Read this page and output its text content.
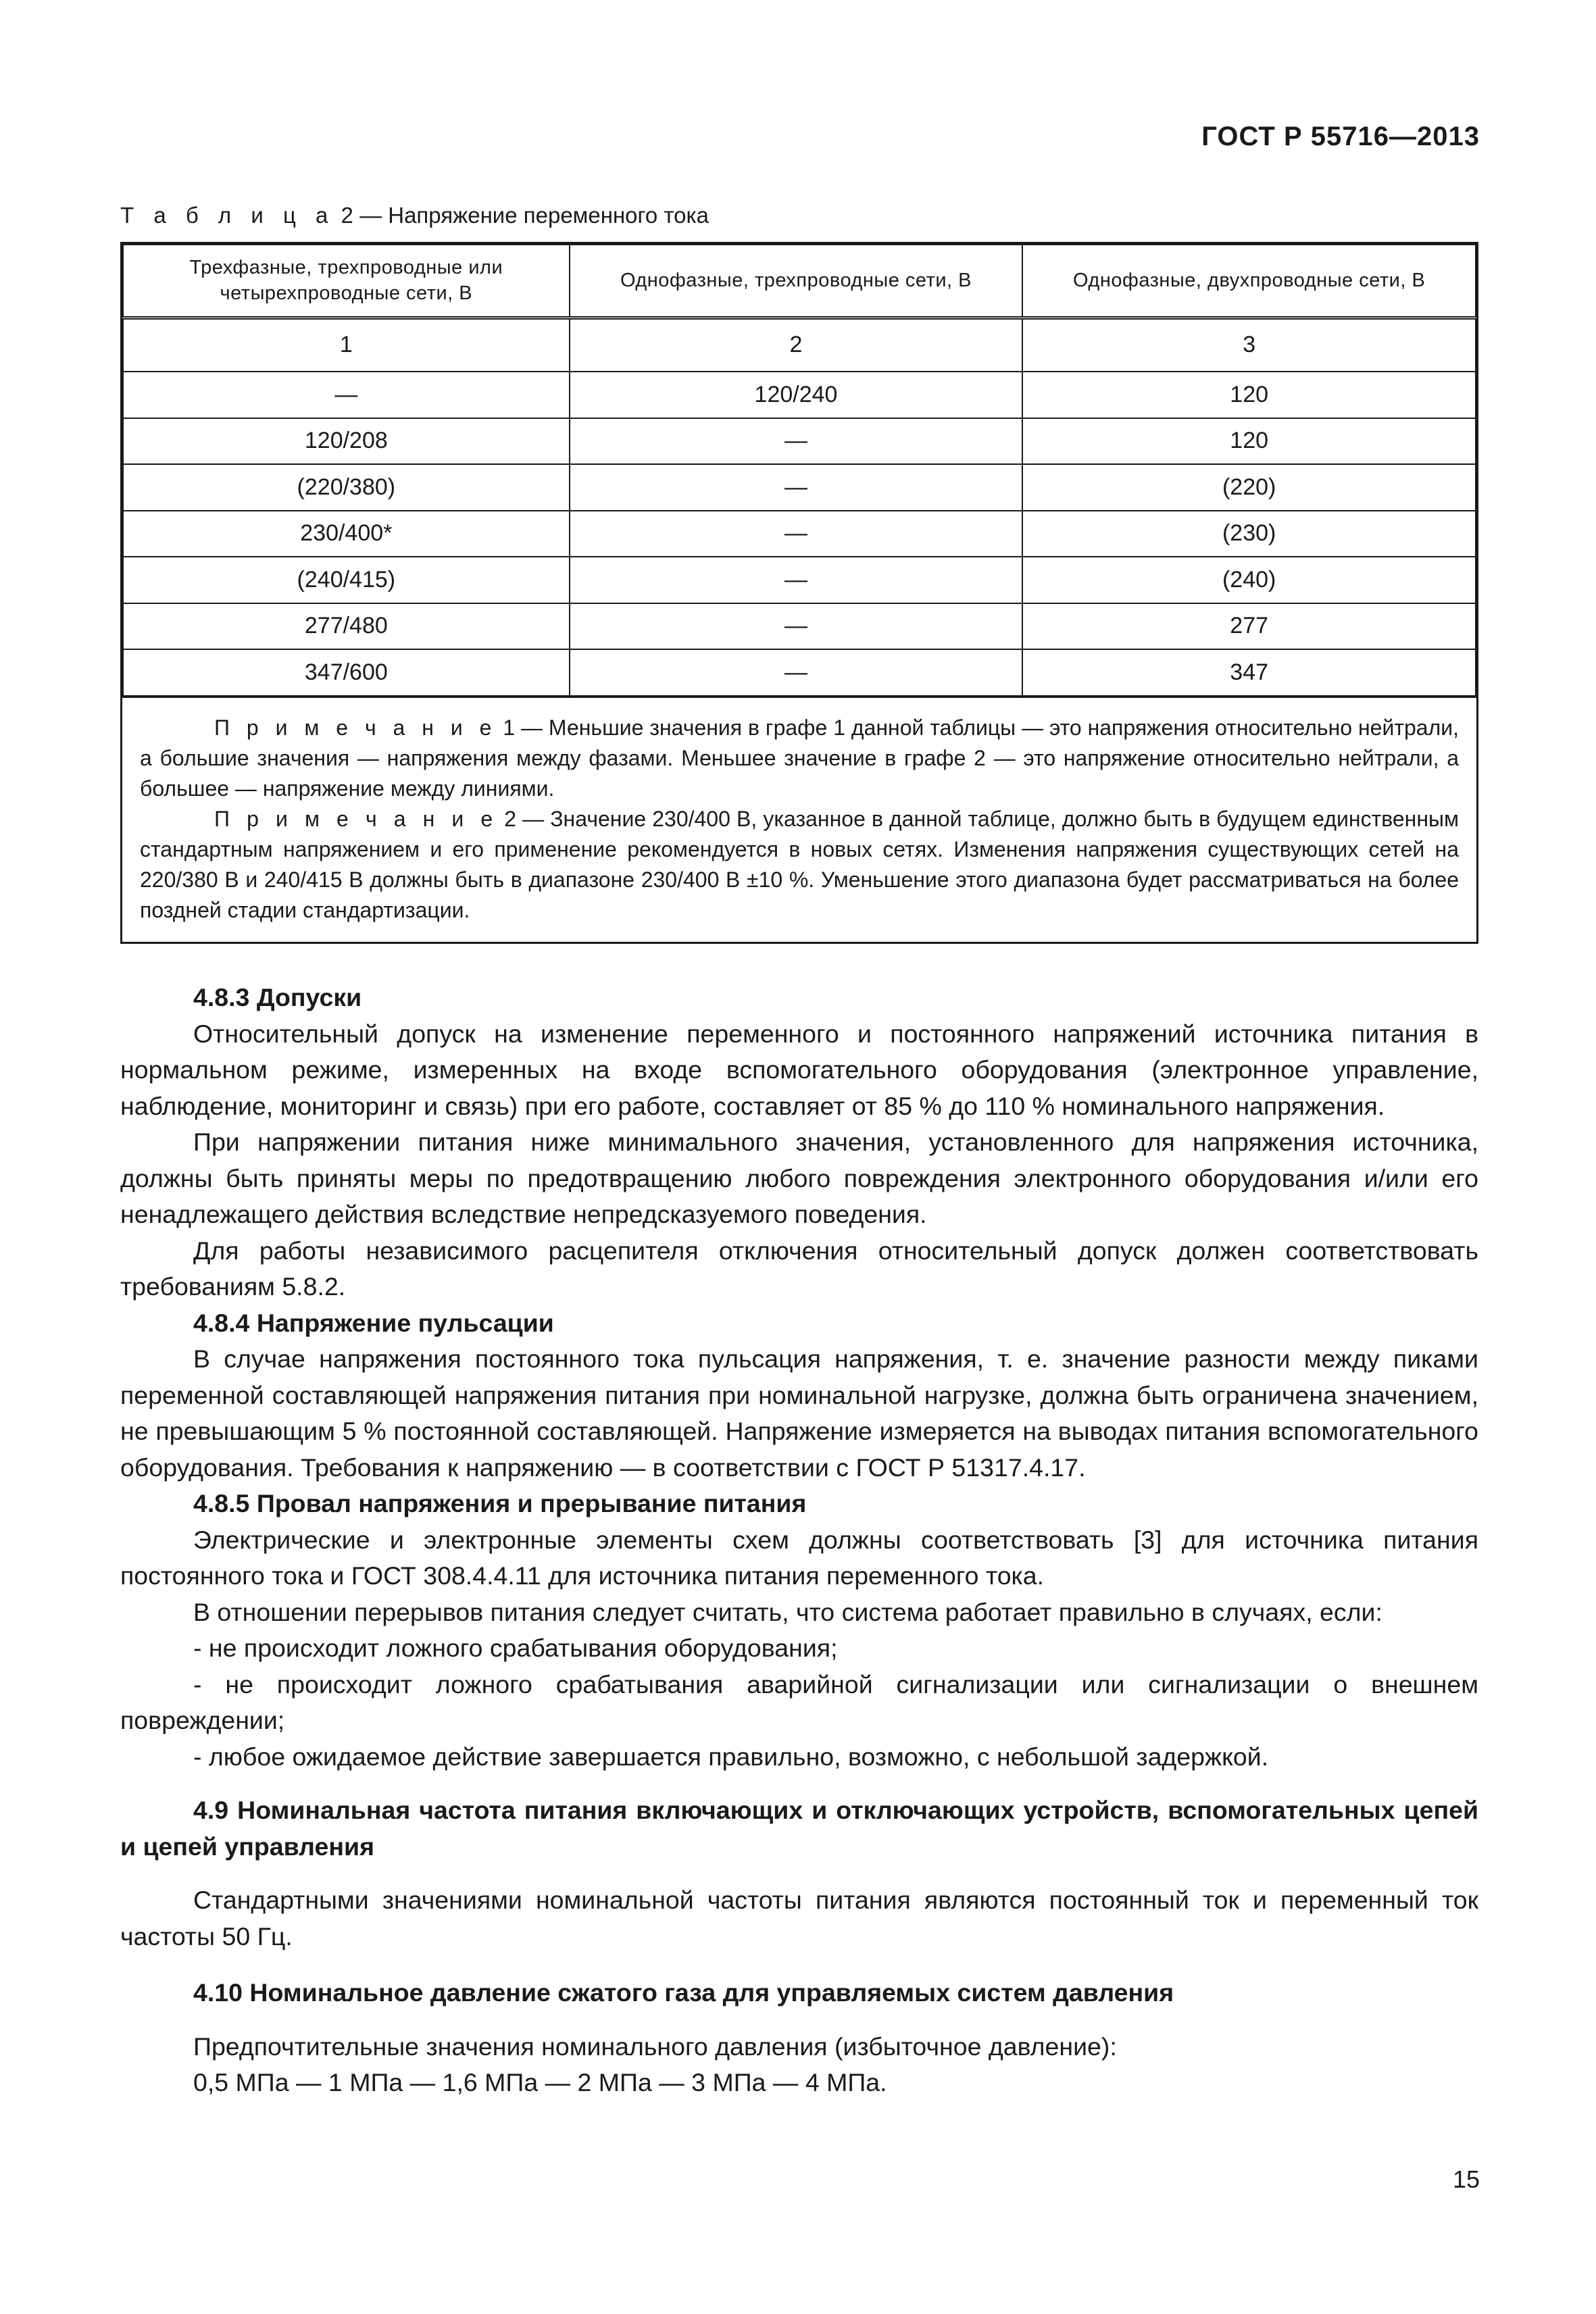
ГОСТ Р 55716—2013
Т а б л и ц а 2 — Напряжение переменного тока
Трехфазные, трехпроводные или четырехпроводные сети, В	Однофазные, трехпроводные сети, В	Однофазные, двухпроводные сети, В
1	2	3
—	120/240	120
120/208	—	120
(220/380)	—	(220)
230/400*	—	(230)
(240/415)	—	(240)
277/480	—	277
347/600	—	347

П р и м е ч а н и е 1 — Меньшие значения в графе 1 данной таблицы — это напряжения относительно нейтрали, а большие значения — напряжения между фазами. Меньшее значение в графе 2 — это напряжение относительно нейтрали, а большее — напряжение между линиями.

П р и м е ч а н и е 2 — Значение 230/400 В, указанное в данной таблице, должно быть в будущем единственным стандартным напряжением и его применение рекомендуется в новых сетях. Изменения напряжения существующих сетей на 220/380 В и 240/415 В должны быть в диапазоне 230/400 В ±10 %. Уменьшение этого диапазона будет рассматриваться на более поздней стадии стандартизации.

4.8.3 Допуски

Относительный допуск на изменение переменного и постоянного напряжений источника питания в нормальном режиме, измеренных на входе вспомогательного оборудования (электронное управление, наблюдение, мониторинг и связь) при его работе, составляет от 85 % до 110 % номинального напряжения.

При напряжении питания ниже минимального значения, установленного для напряжения источника, должны быть приняты меры по предотвращению любого повреждения электронного оборудования и/или его ненадлежащего действия вследствие непредсказуемого поведения.

Для работы независимого расцепителя отключения относительный допуск должен соответствовать требованиям 5.8.2.

4.8.4 Напряжение пульсации

В случае напряжения постоянного тока пульсация напряжения, т. е. значение разности между пиками переменной составляющей напряжения питания при номинальной нагрузке, должна быть ограничена значением, не превышающим 5 % постоянной составляющей. Напряжение измеряется на выводах питания вспомогательного оборудования. Требования к напряжению — в соответствии с ГОСТ Р 51317.4.17.

4.8.5 Провал напряжения и прерывание питания

Электрические и электронные элементы схем должны соответствовать [3] для источника питания постоянного тока и ГОСТ 308.4.4.11 для источника питания переменного тока.

В отношении перерывов питания следует считать, что система работает правильно в случаях, если:

- не происходит ложного срабатывания оборудования;

- не происходит ложного срабатывания аварийной сигнализации или сигнализации о внешнем повреждении;

- любое ожидаемое действие завершается правильно, возможно, с небольшой задержкой.

4.9 Номинальная частота питания включающих и отключающих устройств, вспомогательных цепей и цепей управления

Стандартными значениями номинальной частоты питания являются постоянный ток и переменный ток частоты 50 Гц.

4.10 Номинальное давление сжатого газа для управляемых систем давления

Предпочтительные значения номинального давления (избыточное давление):

0,5 МПа — 1 МПа — 1,6 МПа — 2 МПа — 3 МПа — 4 МПа.

15
